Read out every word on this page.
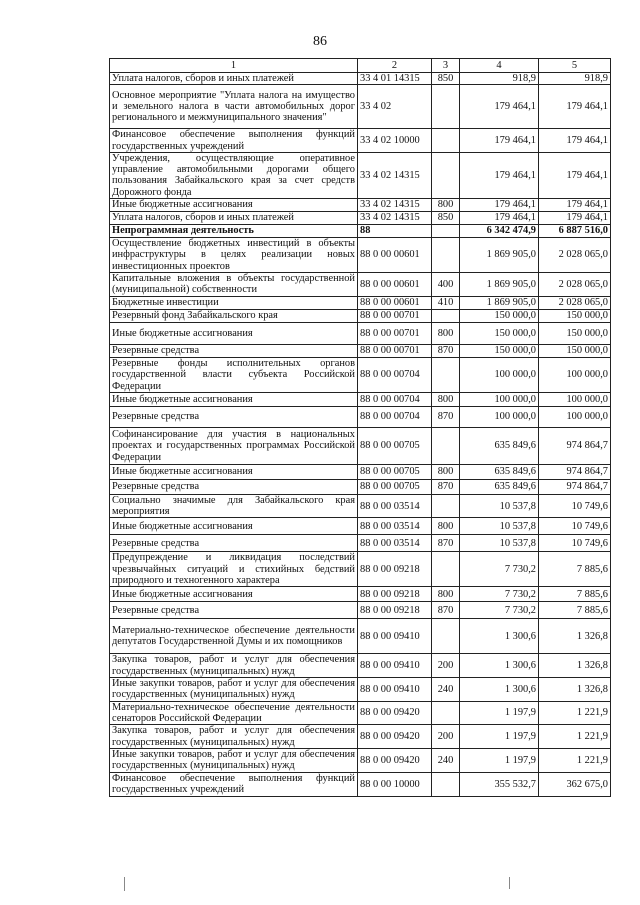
86
1	2	3	4	5
Уплата налогов, сборов и иных платежей	33 4 01 14315	850	918,9	918,9
Основное мероприятие "Уплата налога на имущество и земельного налога в части автомобильных дорог регионального и межмуниципального значения"	33 4 02		179 464,1	179 464,1
Финансовое обеспечение выполнения функций государственных учреждений	33 4 02 10000		179 464,1	179 464,1
Учреждения, осуществляющие оперативное управление автомобильными дорогами общего пользования Забайкальского края за счет средств Дорожного фонда	33 4 02 14315		179 464,1	179 464,1
Иные бюджетные ассигнования	33 4 02 14315	800	179 464,1	179 464,1
Уплата налогов, сборов и иных платежей	33 4 02 14315	850	179 464,1	179 464,1
Непрограммная деятельность	88		6 342 474,9	6 887 516,0
Осуществление бюджетных инвестиций в объекты инфраструктуры в целях реализации новых инвестиционных проектов	88 0 00 00601		1 869 905,0	2 028 065,0
Капитальные вложения в объекты государственной (муниципальной) собственности	88 0 00 00601	400	1 869 905,0	2 028 065,0
Бюджетные инвестиции	88 0 00 00601	410	1 869 905,0	2 028 065,0
Резервный фонд Забайкальского края	88 0 00 00701		150 000,0	150 000,0
Иные бюджетные ассигнования	88 0 00 00701	800	150 000,0	150 000,0
Резервные средства	88 0 00 00701	870	150 000,0	150 000,0
Резервные фонды исполнительных органов государственной власти субъекта Российской Федерации	88 0 00 00704		100 000,0	100 000,0
Иные бюджетные ассигнования	88 0 00 00704	800	100 000,0	100 000,0
Резервные средства	88 0 00 00704	870	100 000,0	100 000,0
Софинансирование для участия в национальных проектах и государственных программах Российской Федерации	88 0 00 00705		635 849,6	974 864,7
Иные бюджетные ассигнования	88 0 00 00705	800	635 849,6	974 864,7
Резервные средства	88 0 00 00705	870	635 849,6	974 864,7
Социально значимые для Забайкальского края мероприятия	88 0 00 03514		10 537,8	10 749,6
Иные бюджетные ассигнования	88 0 00 03514	800	10 537,8	10 749,6
Резервные средства	88 0 00 03514	870	10 537,8	10 749,6
Предупреждение и ликвидация последствий чрезвычайных ситуаций и стихийных бедствий природного и техногенного характера	88 0 00 09218		7 730,2	7 885,6
Иные бюджетные ассигнования	88 0 00 09218	800	7 730,2	7 885,6
Резервные средства	88 0 00 09218	870	7 730,2	7 885,6
Материально-техническое обеспечение деятельности депутатов Государственной Думы и их помощников	88 0 00 09410		1 300,6	1 326,8
Закупка товаров, работ и услуг для обеспечения государственных (муниципальных) нужд	88 0 00 09410	200	1 300,6	1 326,8
Иные закупки товаров, работ и услуг для обеспечения государственных (муниципальных) нужд	88 0 00 09410	240	1 300,6	1 326,8
Материально-техническое обеспечение деятельности сенаторов Российской Федерации	88 0 00 09420		1 197,9	1 221,9
Закупка товаров, работ и услуг для обеспечения государственных (муниципальных) нужд	88 0 00 09420	200	1 197,9	1 221,9
Иные закупки товаров, работ и услуг для обеспечения государственных (муниципальных) нужд	88 0 00 09420	240	1 197,9	1 221,9
Финансовое обеспечение выполнения функций государственных учреждений	88 0 00 10000		355 532,7	362 675,0
